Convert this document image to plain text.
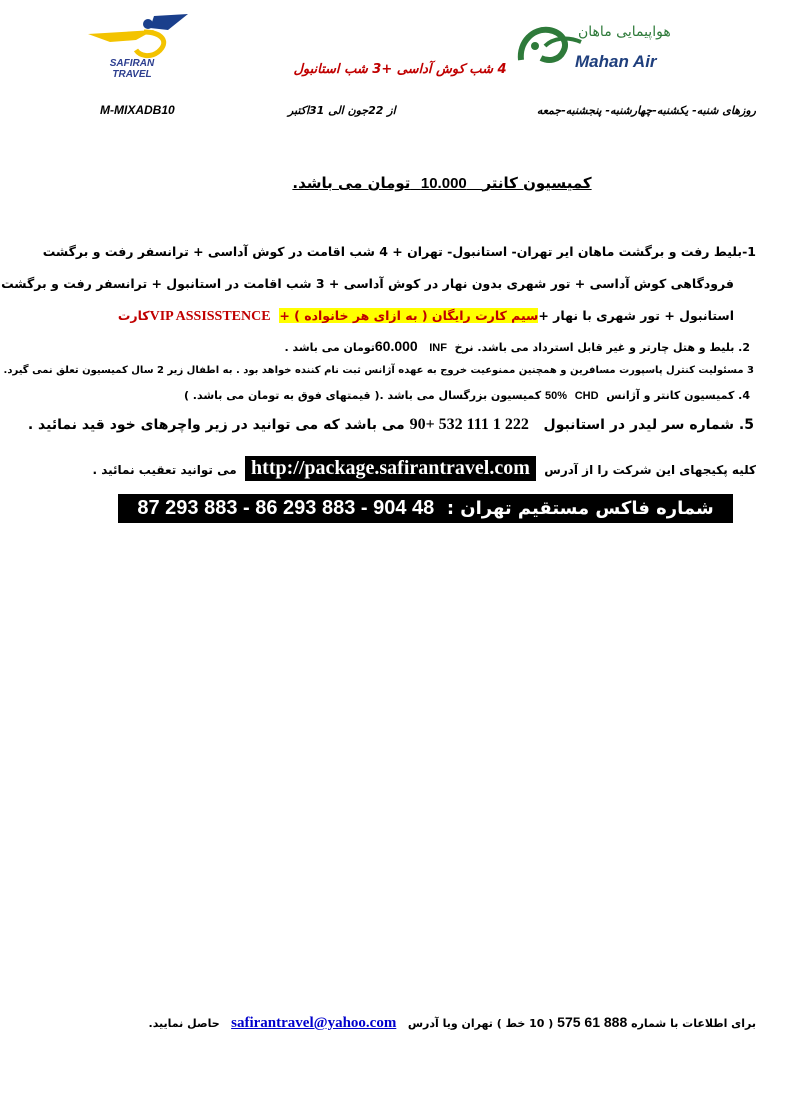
SAFIRAN
TRAVEL
هواپیمایی ماهان
Mahan Air
4 شب کوش آداسی +3 شب استانبول
روزهای شنبه- یکشنبه-چهارشنبه- پنجشنبه-جمعه
از 22جون الی 31اکتبر
M-MIXADB10
کمیسیون کانتر   10.000  تومان می باشد.
1-بلیط رفت و برگشت ماهان ایر تهران- استانبول- تهران + 4 شب اقامت در کوش آداسی + ترانسفر رفت و برگشت
فرودگاهی کوش آداسی + تور شهری بدون نهار در کوش آداسی + 3 شب اقامت در استانبول + ترانسفر رفت و برگشت
استانبول + تور شهری با نهار +سیم کارت رایگان ( به ازای هر خانواده ) +  VIP ASSISSTENCEکارت
2. بلیط و هتل چارتر و غیر قابل استرداد می باشد. نرخ  INF   60.000تومان می باشد .
3 مسئولیت کنترل پاسپورت مسافرین و همچنین ممنوعیت خروج به عهده آژانس ثبت نام کننده خواهد بود . به اطفال زیر 2 سال کمیسیون تعلق نمی گیرد.
4. کمیسیون کانتر و آژانس  CHD  50% کمیسیون بزرگسال می باشد .( قیمتهای فوق به تومان می باشد. )
5. شماره سر لیدر در استانبول   90+ 532 111 1 222 می باشد که می توانید در زیر واچرهای خود قید نمائید .
کلیه پکیجهای این شرکت را از آدرس  http://package.safirantravel.com  می توانید تعقیب نمائید .
شماره فاکس مستقیم تهران :  87 293 883 - 86 293 883 - 904 48 883
برای اطلاعات با شماره 575 61 888 ( 10 خط ) تهران ویا آدرس   safirantravel@yahoo.com   حاصل نمایید.
